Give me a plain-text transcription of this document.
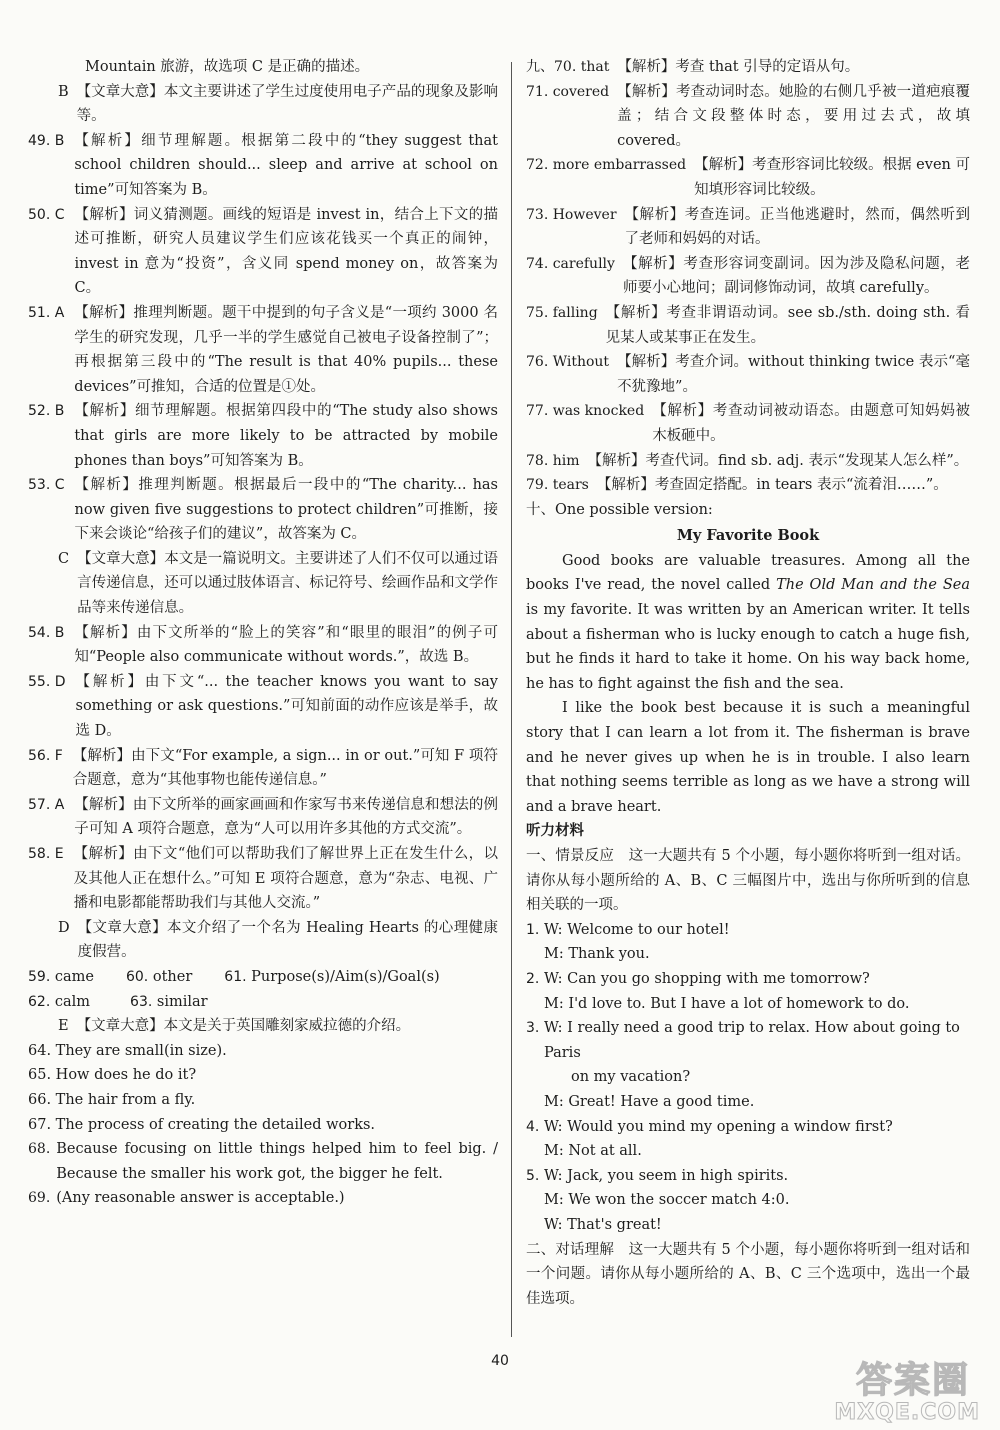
Mountain 旅游，故选项 C 是正确的描述。
B 【文章大意】本文主要讲述了学生过度使用电子产品的现象及影响等。
49. B 【解析】细节理解题。根据第二段中的“they suggest that school children should... sleep and arrive at school on time”可知答案为 B。
50. C 【解析】词义猜测题。画线的短语是 invest in，结合上下文的描述可推断，研究人员建议学生们应该花钱买一个真正的闹钟，invest in 意为“投资”，含义同 spend money on，故答案为 C。
51. A 【解析】推理判断题。题干中提到的句子含义是“一项约 3000 名学生的研究发现，几乎一半的学生感觉自己被电子设备控制了”；再根据第三段中的“The result is that 40% pupils... these devices”可推知，合适的位置是①处。
52. B 【解析】细节理解题。根据第四段中的“The study also shows that girls are more likely to be attracted by mobile phones than boys”可知答案为 B。
53. C 【解析】推理判断题。根据最后一段中的“The charity... has now given five suggestions to protect children”可推断，接下来会谈论“给孩子们的建议”，故答案为 C。
C 【文章大意】本文是一篇说明文。主要讲述了人们不仅可以通过语言传递信息，还可以通过肢体语言、标记符号、绘画作品和文学作品等来传递信息。
54. B 【解析】由下文所举的“脸上的笑容”和“眼里的眼泪”的例子可知“People also communicate without words.”，故选 B。
55. D 【解析】由下文“... the teacher knows you want to say something or ask questions.”可知前面的动作应该是举手，故选 D。
56. F 【解析】由下文“For example, a sign... in or out.”可知 F 项符合题意，意为“其他事物也能传递信息。”
57. A 【解析】由下文所举的画家画画和作家写书来传递信息和想法的例子可知 A 项符合题意，意为“人可以用许多其他的方式交流”。
58. E 【解析】由下文“他们可以帮助我们了解世界上正在发生什么，以及其他人正在想什么。”可知 E 项符合题意，意为“杂志、电视、广播和电影都能帮助我们与其他人交流。”
D 【文章大意】本文介绍了一个名为 Healing Hearts 的心理健康度假营。
59.
came 60.
other 61.
Purpose(s)/Aim(s)/Goal(s)
62.
calm	63.
similar
E 【文章大意】本文是关于英国雕刻家威拉德的介绍。
64. They are small(in size).
65. How does he do it?
66. The hair from a fly.
67. The process of creating the detailed works.
68. Because focusing on little things helped him to feel big. / Because the smaller his work got, the bigger he felt.
69. (Any reasonable answer is acceptable.)
九、70. that 【解析】考查 that 引导的定语从句。
71. covered 【解析】考查动词时态。她脸的右侧几乎被一道疤痕覆盖；结合文段整体时态，要用过去式，故填 covered。
72. more embarrassed 【解析】考查形容词比较级。根据 even 可知填形容词比较级。
73. However 【解析】考查连词。正当他逃避时，然而，偶然听到了老师和妈妈的对话。
74. carefully 【解析】考查形容词变副词。因为涉及隐私问题，老师要小心地问；副词修饰动词，故填 carefully。
75. falling 【解析】考查非谓语动词。see sb./sth. doing sth. 看见某人或某事正在发生。
76. Without 【解析】考查介词。without thinking twice 表示“毫不犹豫地”。
77. was knocked 【解析】考查动词被动语态。由题意可知妈妈被木板砸中。
78. him 【解析】考查代词。find sb. adj. 表示“发现某人怎么样”。
79. tears 【解析】考查固定搭配。in tears 表示“流着泪……”。
十、One possible version:
My Favorite Book
Good books are valuable treasures. Among all the books I've read, the novel called The Old Man and the Sea is my favorite. It was written by an American writer. It tells about a fisherman who is lucky enough to catch a huge fish, but he finds it hard to take it home. On his way back home, he has to fight against the fish and the sea.
I like the book best because it is such a meaningful story that I can learn a lot from it. The fisherman is brave and he never gives up when he is in trouble. I also learn that nothing seems terrible as long as we have a strong will and a brave heart.
听力材料
一、情景反应　这一大题共有 5 个小题，每小题你将听到一组对话。请你从每小题所给的 A、B、C 三幅图片中，选出与你所听到的信息相关联的一项。
1. W: Welcome to our hotel!
M: Thank you.
2. W: Can you go shopping with me tomorrow?
M: I'd love to. But I have a lot of homework to do.
3. W: I really need a good trip to relax. How about going to Paris
on my vacation?
M: Great! Have a good time.
4. W: Would you mind my opening a window first?
M: Not at all.
5. W: Jack, you seem in high spirits.
M: We won the soccer match 4:0.
W: That's great!
二、对话理解　这一大题共有 5 个小题，每小题你将听到一组对话和一个问题。请你从每小题所给的 A、B、C 三个选项中，选出一个最佳选项。
40	答案圈
MXQE.COM
